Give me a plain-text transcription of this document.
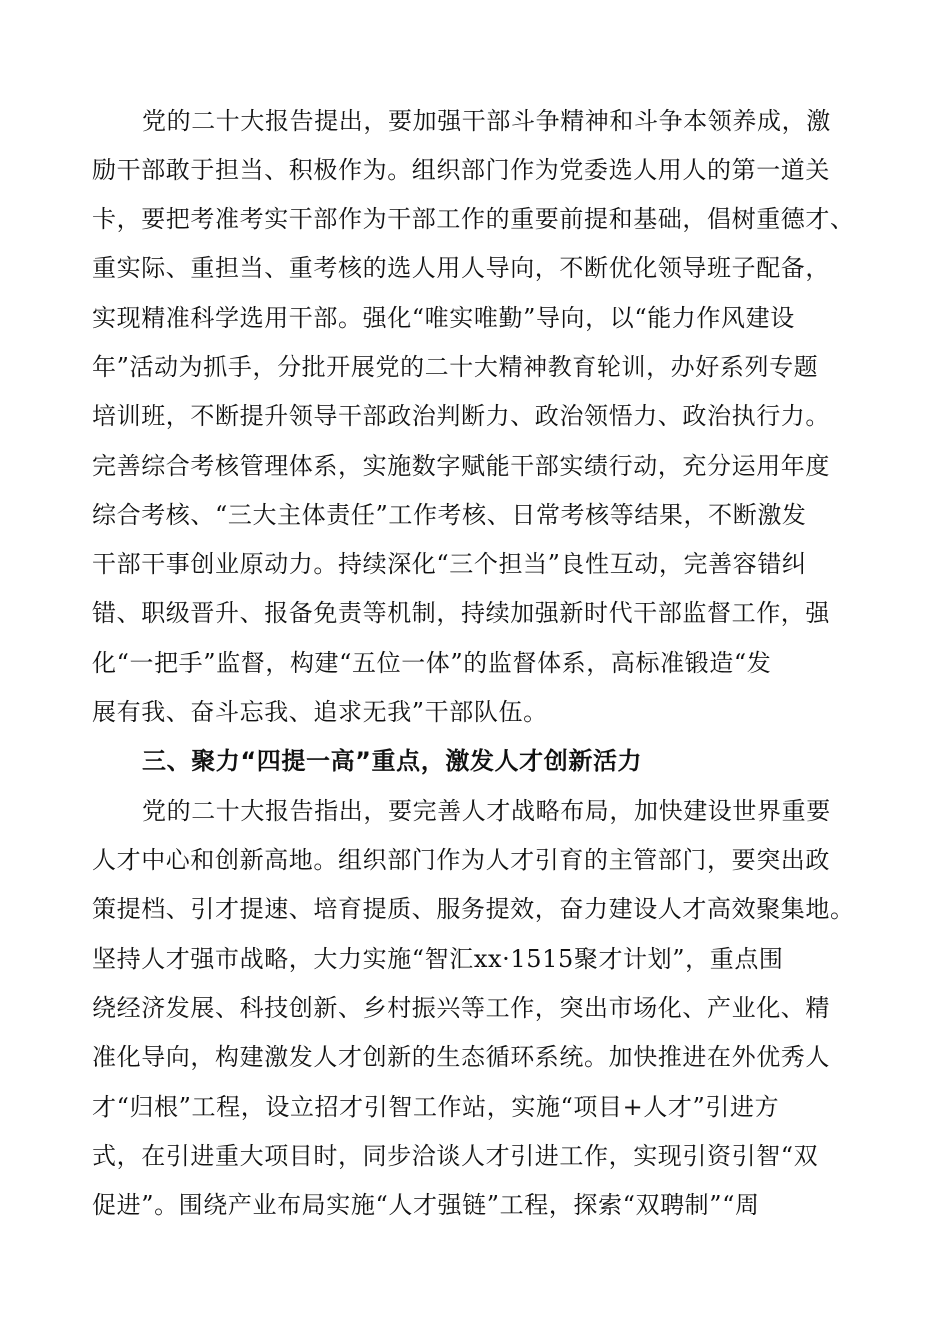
党的二十大报告提出，要加强干部斗争精神和斗争本领养成，激
励干部敢于担当、积极作为。组织部门作为党委选人用人的第一道关
卡，要把考准考实干部作为干部工作的重要前提和基础，倡树重德才、
重实际、重担当、重考核的选人用人导向，不断优化领导班子配备，
实现精准科学选用干部。强化“唯实唯勤”导向，以“能力作风建设
年”活动为抓手，分批开展党的二十大精神教育轮训，办好系列专题
培训班，不断提升领导干部政治判断力、政治领悟力、政治执行力。
完善综合考核管理体系，实施数字赋能干部实绩行动，充分运用年度
综合考核、“三大主体责任”工作考核、日常考核等结果，不断激发
干部干事创业原动力。持续深化“三个担当”良性互动，完善容错纠
错、职级晋升、报备免责等机制，持续加强新时代干部监督工作，强
化“一把手”监督，构建“五位一体”的监督体系，高标准锻造“发
展有我、奋斗忘我、追求无我”干部队伍。
三、聚力“四提一高”重点，激发人才创新活力
党的二十大报告指出，要完善人才战略布局，加快建设世界重要
人才中心和创新高地。组织部门作为人才引育的主管部门，要突出政
策提档、引才提速、培育提质、服务提效，奋力建设人才高效聚集地。
坚持人才强市战略，大力实施“智汇xx·1515聚才计划”，重点围
绕经济发展、科技创新、乡村振兴等工作，突出市场化、产业化、精
准化导向，构建激发人才创新的生态循环系统。加快推进在外优秀人
才“归根”工程，设立招才引智工作站，实施“项目+人才”引进方
式，在引进重大项目时，同步洽谈人才引进工作，实现引资引智“双
促进”。围绕产业布局实施“人才强链”工程，探索“双聘制”“周
